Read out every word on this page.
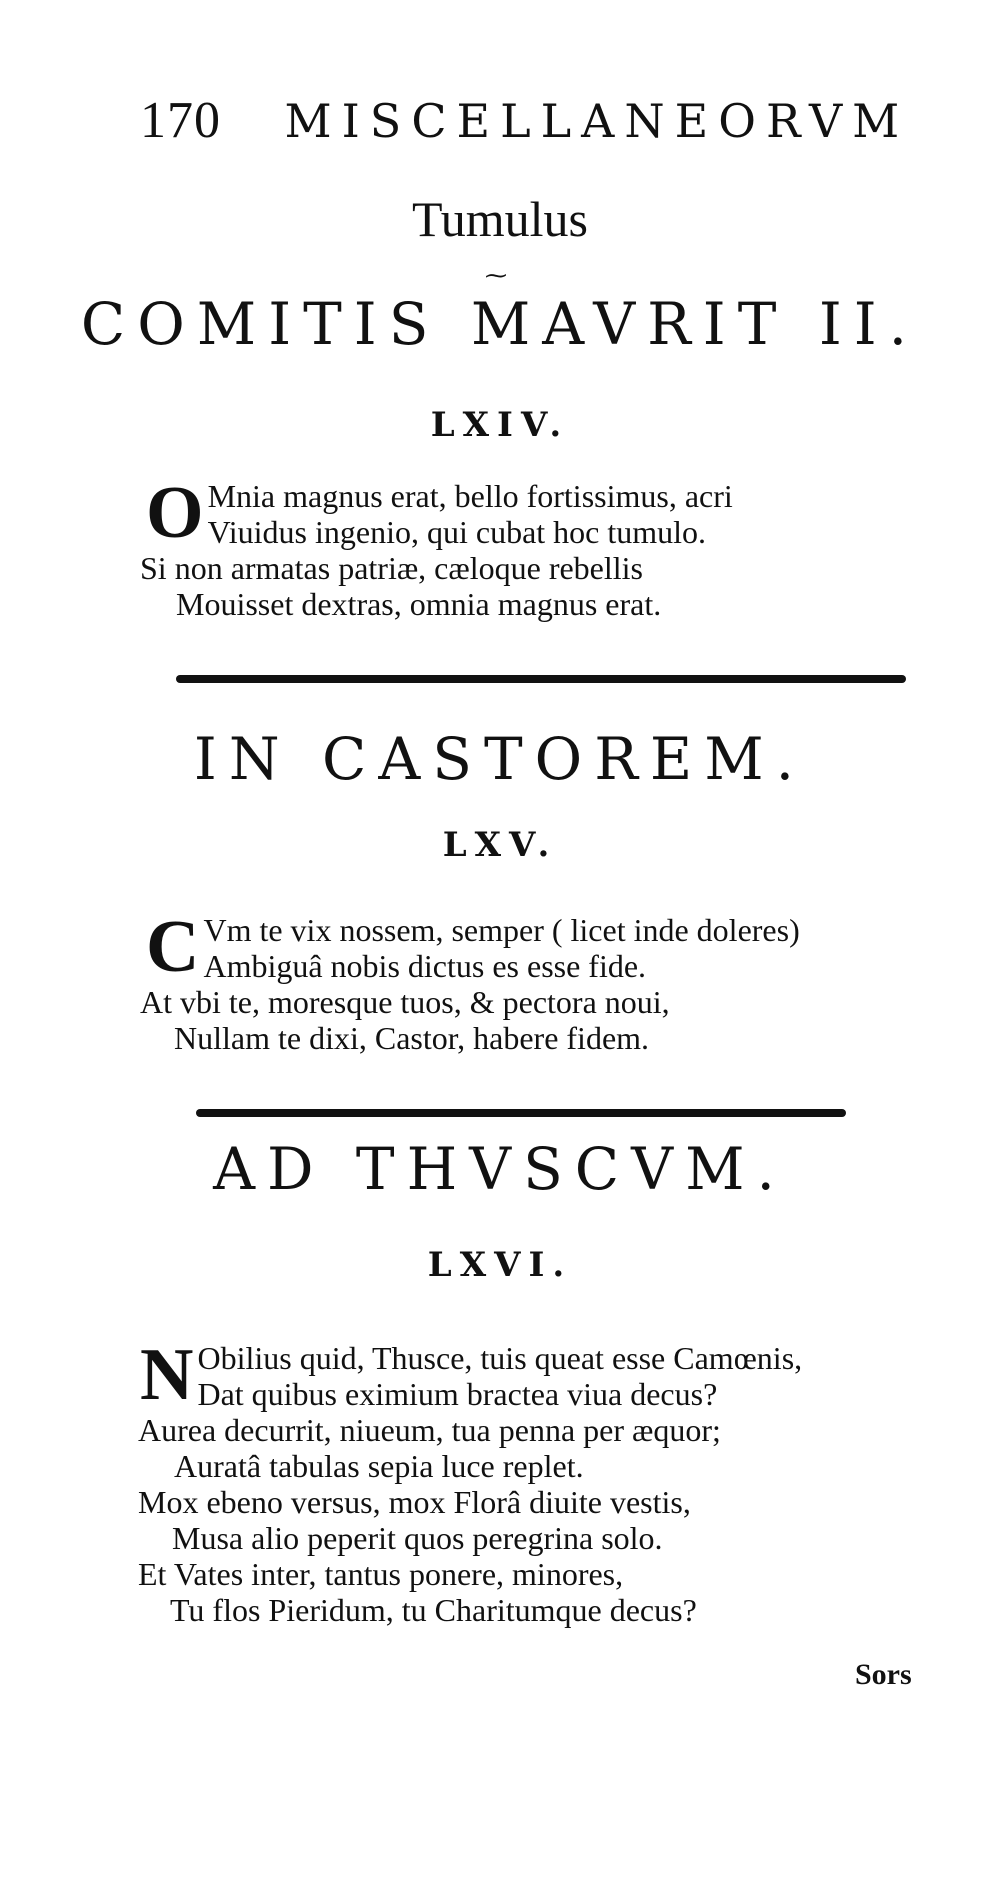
170 MISCELLANEORVM
Tumulus
⁓
COMITIS MAVRIT II.
LXIV.
O Mnia magnus erat, bello fortissimus, acri
Viuidus ingenio, qui cubat hoc tumulo.
Si non armatas patriæ, cæloque rebellis
Mouisset dextras, omnia magnus erat.
IN CASTOREM.
LXV.
C Vm te vix nossem, semper ( licet inde doleres)
Ambiguâ nobis dictus es esse fide.
At vbi te, moresque tuos, & pectora noui,
Nullam te dixi, Castor, habere fidem.
AD THVSCVM.
LXVI.
N Obilius quid, Thusce, tuis queat esse Camœnis,
Dat quibus eximium bractea viua decus?
Aurea decurrit, niueum, tua penna per æquor;
Auratâ tabulas sepia luce replet.
Mox ebeno versus, mox Florâ diuite vestis,
Musa alio peperit quos peregrina solo.
Et Vates inter, tantus ponere, minores,
Tu flos Pieridum, tu Charitumque decus?
Sors
